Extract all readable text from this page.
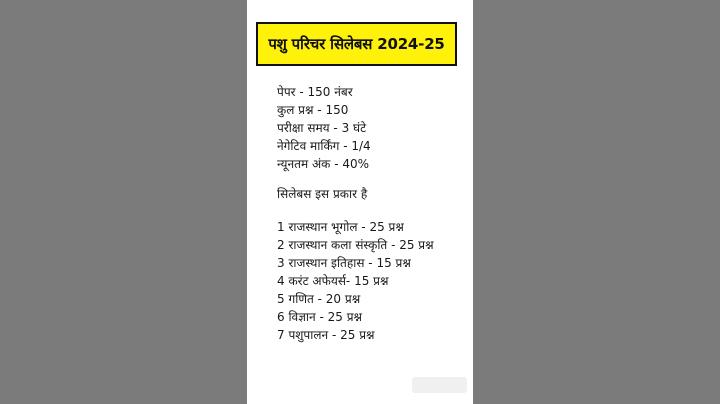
पशु परिचर सिलेबस 2024-25
पेपर - 150 नंबर
कुल प्रश्न - 150
परीक्षा समय - 3 घंटे
नेगेटिव मार्किंग - 1/4
न्यूनतम अंक - 40%
सिलेबस इस प्रकार है
1 राजस्थान भूगोल - 25 प्रश्न
2 राजस्थान कला संस्कृति - 25 प्रश्न
3 राजस्थान इतिहास - 15 प्रश्न
4 करंट अफेयर्स- 15 प्रश्न
5 गणित - 20 प्रश्न
6 विज्ञान - 25 प्रश्न
7 पशुपालन - 25 प्रश्न
